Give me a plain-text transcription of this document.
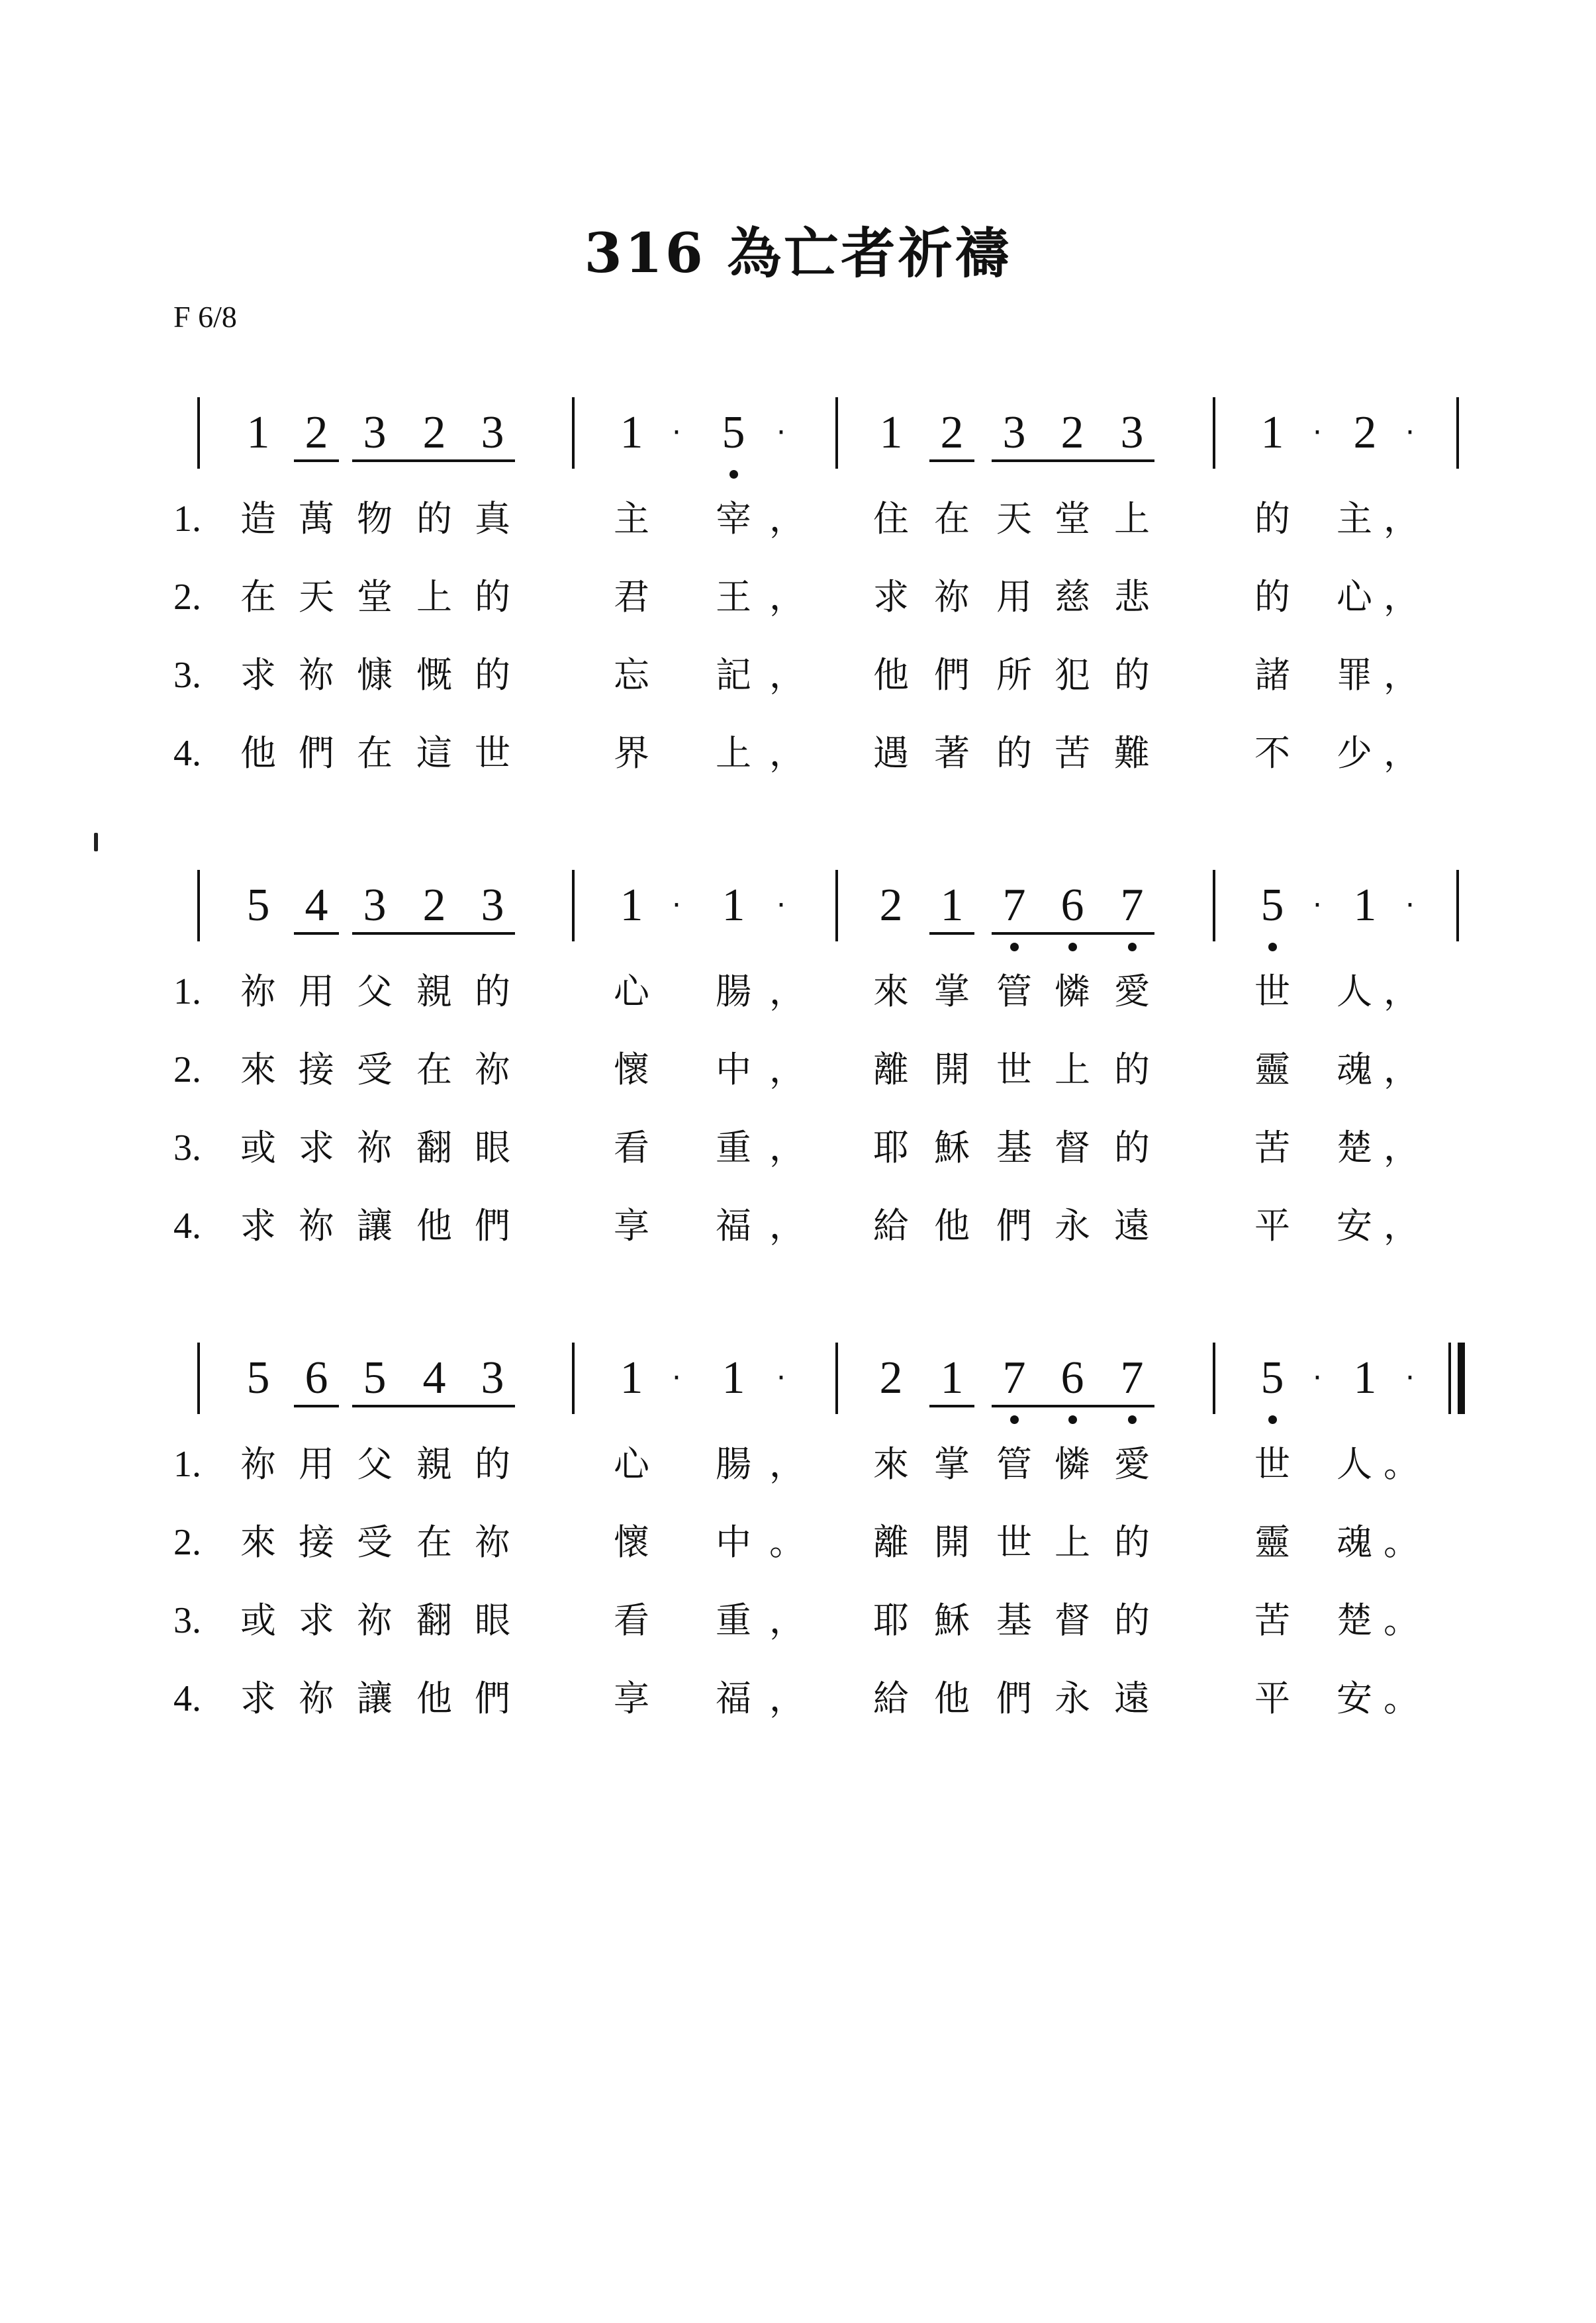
316 為亡者祈禱
F 6/8
1 2 3 2 3	1 · 5	·	1 2 3 2 3	1 · 2 ·
1. 造 萬 物 的 真	主 宰 ， 住 在 天 堂 上	的 主 ，
2. 在 天 堂 上 的	君 王 ， 求 祢 用 慈 悲	的 心 ，
3. 求 祢 慷 慨 的	忘 記 ， 他 們 所 犯 的	諸 罪 ，
4. 他 們 在 這 世	界 上 ， 遇 著 的 苦 難	不 少 ，
5 4 3 2 3	1 · 1	·	2 1 7 6 7	5 · 1 ·
1. 祢 用 父 親 的	心 腸 ， 來 掌 管 憐 愛	世 人 ，
2. 來 接 受 在 祢	懷 中 ， 離 開 世 上 的	靈 魂 ，
3. 或 求 祢 翻 眼	看 重 ， 耶 穌 基 督 的	苦 楚 ，
4. 求 祢 讓 他 們	享 福 ， 給 他 們 永 遠	平 安 ，
5 6 5 4 3	1 · 1	·	2 1 7 6 7	5 · 1 ·
1. 祢 用 父 親 的	心 腸 ， 來 掌 管 憐 愛	世 人 。
2. 來 接 受 在 祢	懷 中 。 離 開 世 上 的	靈 魂 。
3. 或 求 祢 翻 眼	看 重 ， 耶 穌 基 督 的	苦 楚 。
4. 求 祢 讓 他 們	享 福 ， 給 他 們 永 遠	平 安 。
